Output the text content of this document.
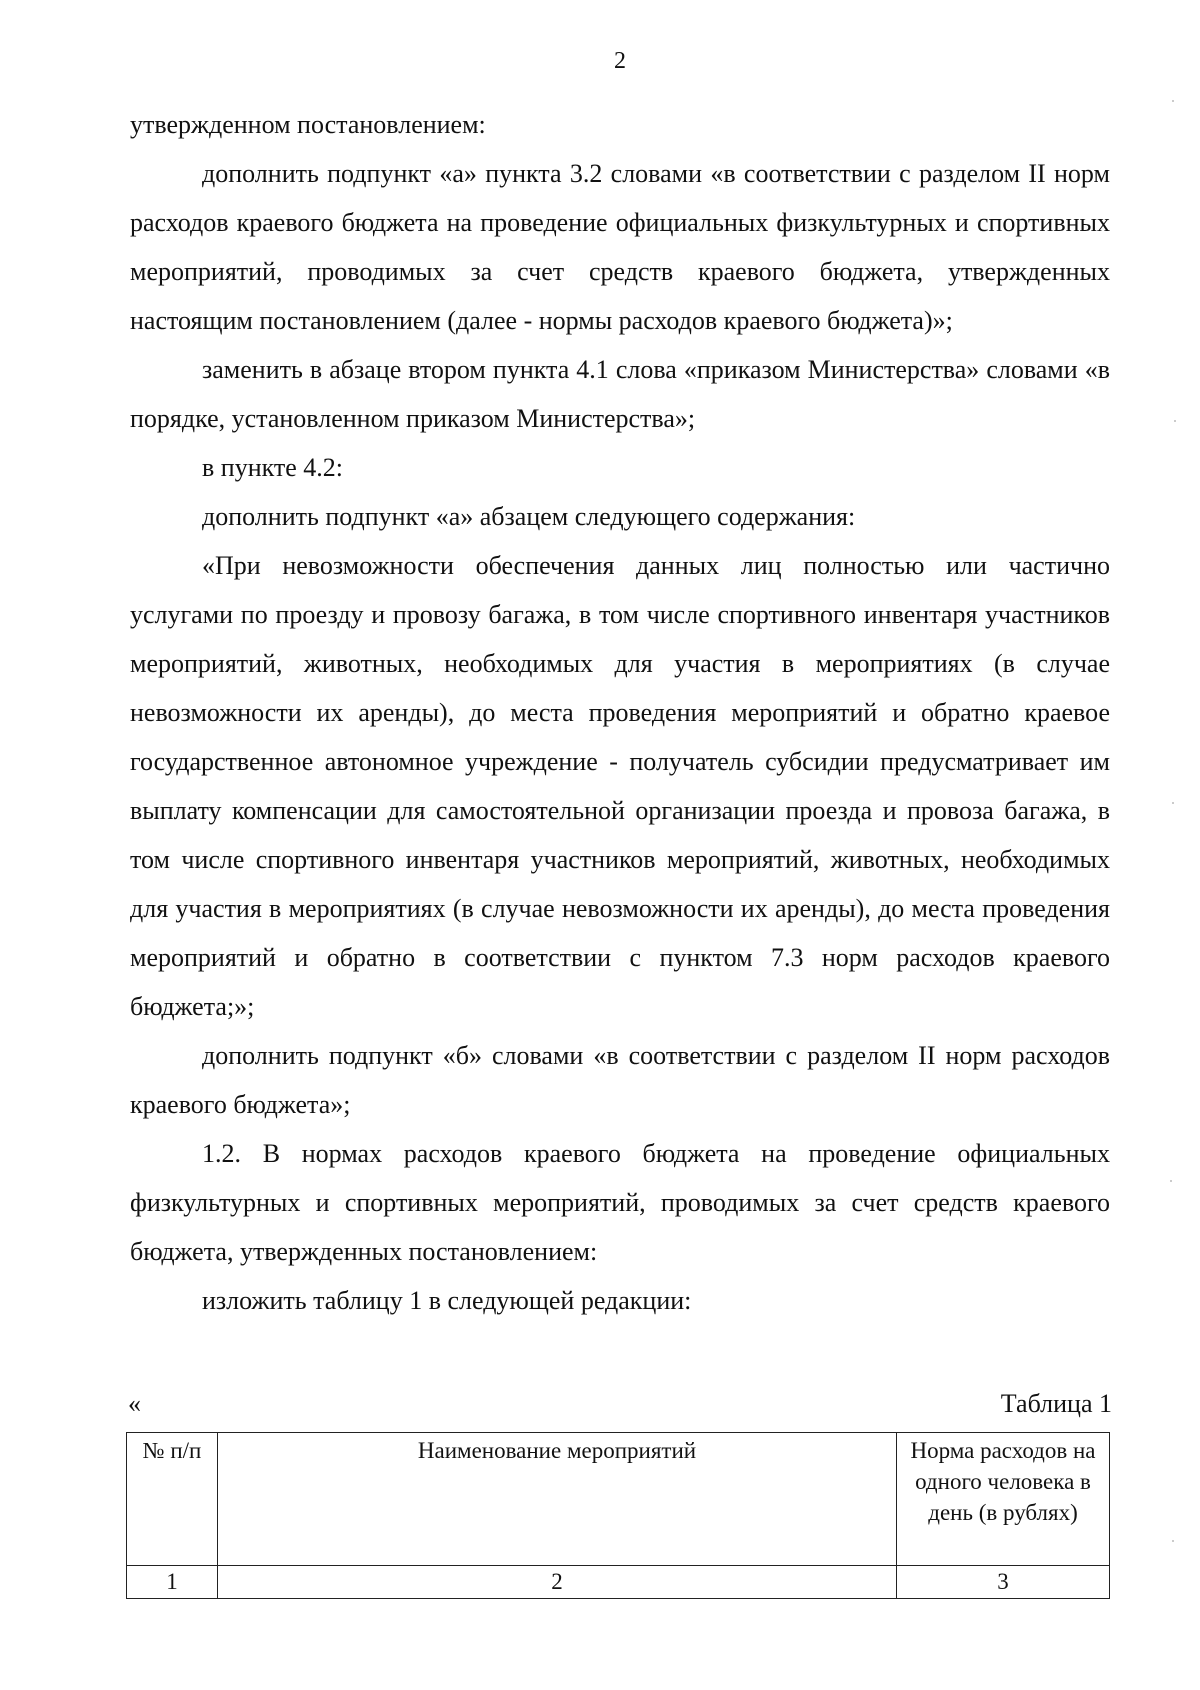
2

утвержденном постановлением:

дополнить подпункт «а» пункта 3.2 словами «в соответствии с разделом II норм расходов краевого бюджета на проведение официальных физкультурных и спортивных мероприятий, проводимых за счет средств краевого бюджета, утвержденных настоящим постановлением (далее - нормы расходов краевого бюджета)»;

заменить в абзаце втором пункта 4.1 слова «приказом Министерства» словами «в порядке, установленном приказом Министерства»;

в пункте 4.2:

дополнить подпункт «а» абзацем следующего содержания:

«При невозможности обеспечения данных лиц полностью или частично услугами по проезду и провозу багажа, в том числе спортивного инвентаря участников мероприятий, животных, необходимых для участия в мероприятиях (в случае невозможности их аренды), до места проведения мероприятий и обратно краевое государственное автономное учреждение - получатель субсидии предусматривает им выплату компенсации для самостоятельной организации проезда и провоза багажа, в том числе спортивного инвентаря участников мероприятий, животных, необходимых для участия в мероприятиях (в случае невозможности их аренды), до места проведения мероприятий и обратно в соответствии с пунктом 7.3 норм расходов краевого бюджета;»;

дополнить подпункт «б» словами «в соответствии с разделом II норм расходов краевого бюджета»;

1.2. В нормах расходов краевого бюджета на проведение официальных физкультурных и спортивных мероприятий, проводимых за счет средств краевого бюджета, утвержденных постановлением:

изложить таблицу 1 в следующей редакции:

«	Таблица 1
№ п/п	Наименование мероприятий	Норма расходов на одного человека в день (в рублях)
1	2	3
